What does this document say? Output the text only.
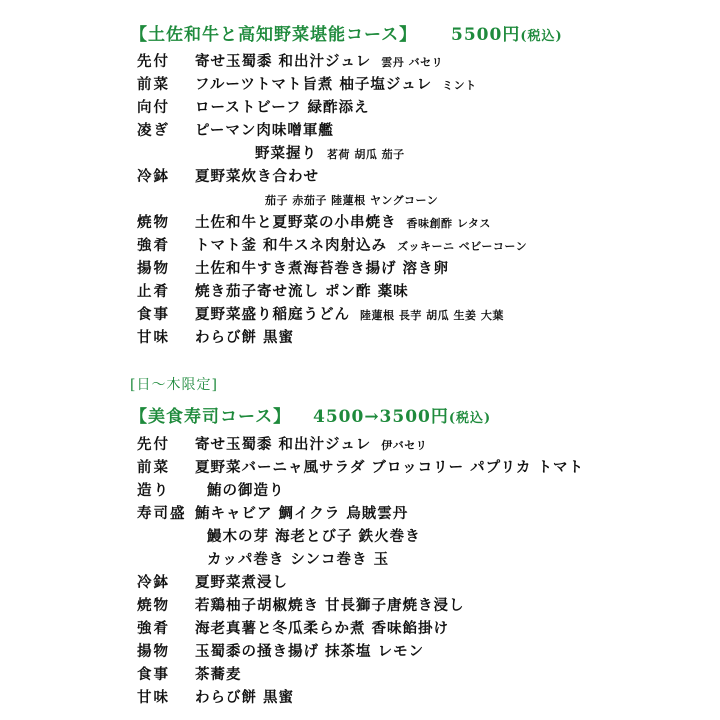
【土佐和牛と高知野菜堪能コース】 5500円(税込)
先付 寄せ玉蜀黍 和出汁ジュレ 雲丹 バセリ
前菜 フルーツトマト旨煮 柚子塩ジュレ ミント
向付 ローストビーフ 緑酢添え
凌ぎ ピーマン肉味噌軍艦
野菜握り 茗荷 胡瓜 茄子
冷鉢 夏野菜炊き合わせ
茄子 赤茄子 陸蓮根 ヤングコーン
焼物 土佐和牛と夏野菜の小串焼き 香味創酢 レタス
強肴 トマト釜 和牛スネ肉射込み ズッキーニ ベビーコーン
揚物 土佐和牛すき煮海苔巻き揚げ 溶き卵
止肴 焼き茄子寄せ流し ポン酢 薬味
食事 夏野菜盛り稲庭うどん 陸蓮根 長芋 胡瓜 生姜 大葉
甘味 わらび餅 黒蜜
[日～木限定]
【美食寿司コース】 4500→3500円(税込)
先付 寄せ玉蜀黍 和出汁ジュレ 伊バセリ
前菜 夏野菜バーニャ風サラダ ブロッコリー パプリカ トマト
造り	鮪の御造り
寿司盛 鮪キャビア 鯛イクラ 烏賊雲丹
鰻木の芽 海老とび子 鉄火巻き
カッパ巻き シンコ巻き 玉
冷鉢 夏野菜煮浸し
焼物 若鶏柚子胡椒焼き 甘長獅子唐焼き浸し
強肴 海老真薯と冬瓜柔らか煮 香味餡掛け
揚物 玉蜀黍の掻き揚げ 抹茶塩 レモン
食事 茶蕎麦
甘味 わらび餅 黒蜜
